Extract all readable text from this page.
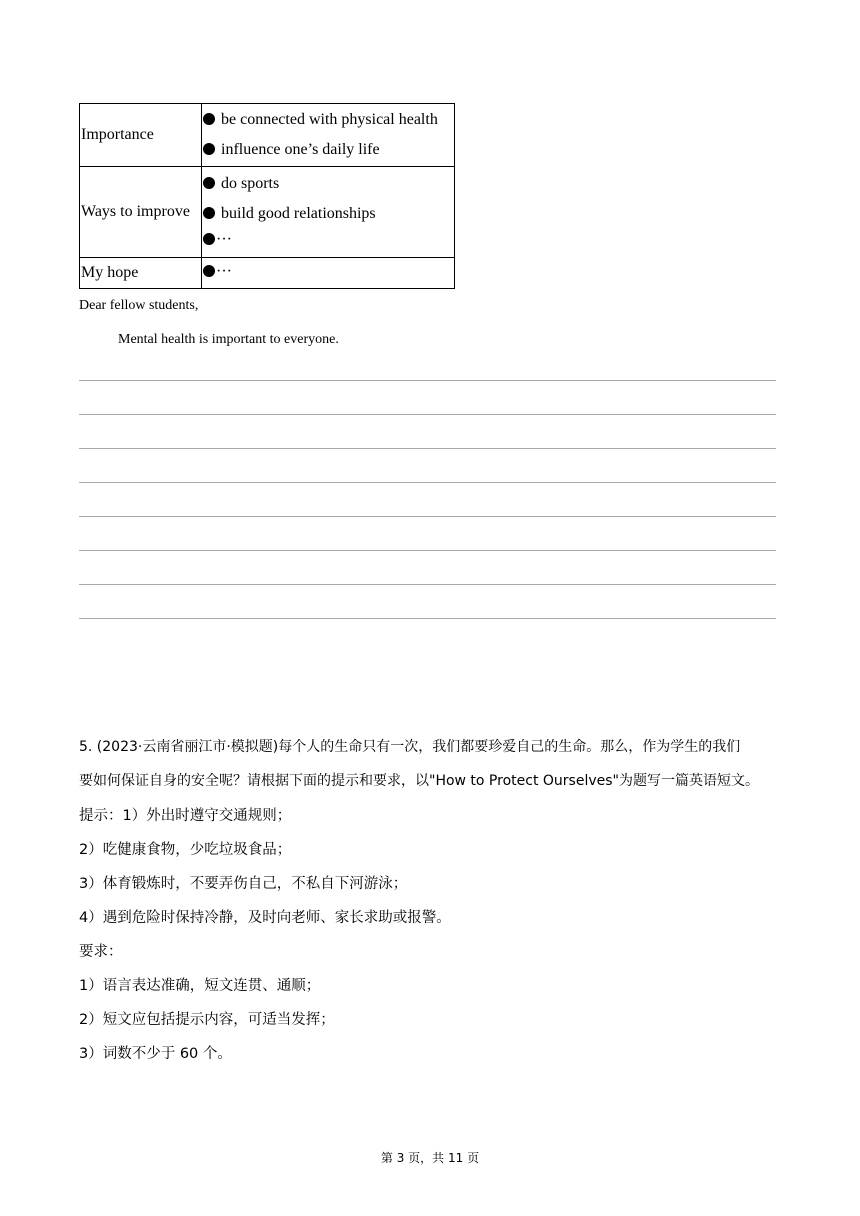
Importance	be connected with physical health
influence one’s daily life

Ways to improve	do sports
build good relationships
···

My hope	···
Dear fellow students,
Mental health is important to everyone.
5. (2023·云南省丽江市·模拟题)每个人的生命只有一次，我们都要珍爱自己的生命。那么，作为学生的我们
要如何保证自身的安全呢？请根据下面的提示和要求，以"How to Protect Ourselves"为题写一篇英语短文。
提示：1）外出时遵守交通规则；
2）吃健康食物，少吃垃圾食品；
3）体育锻炼时，不要弄伤自己，不私自下河游泳；
4）遇到危险时保持冷静，及时向老师、家长求助或报警。
要求：
1）语言表达准确，短文连贯、通顺；
2）短文应包括提示内容，可适当发挥；
3）词数不少于 60 个。
第 3 页，共 11 页
